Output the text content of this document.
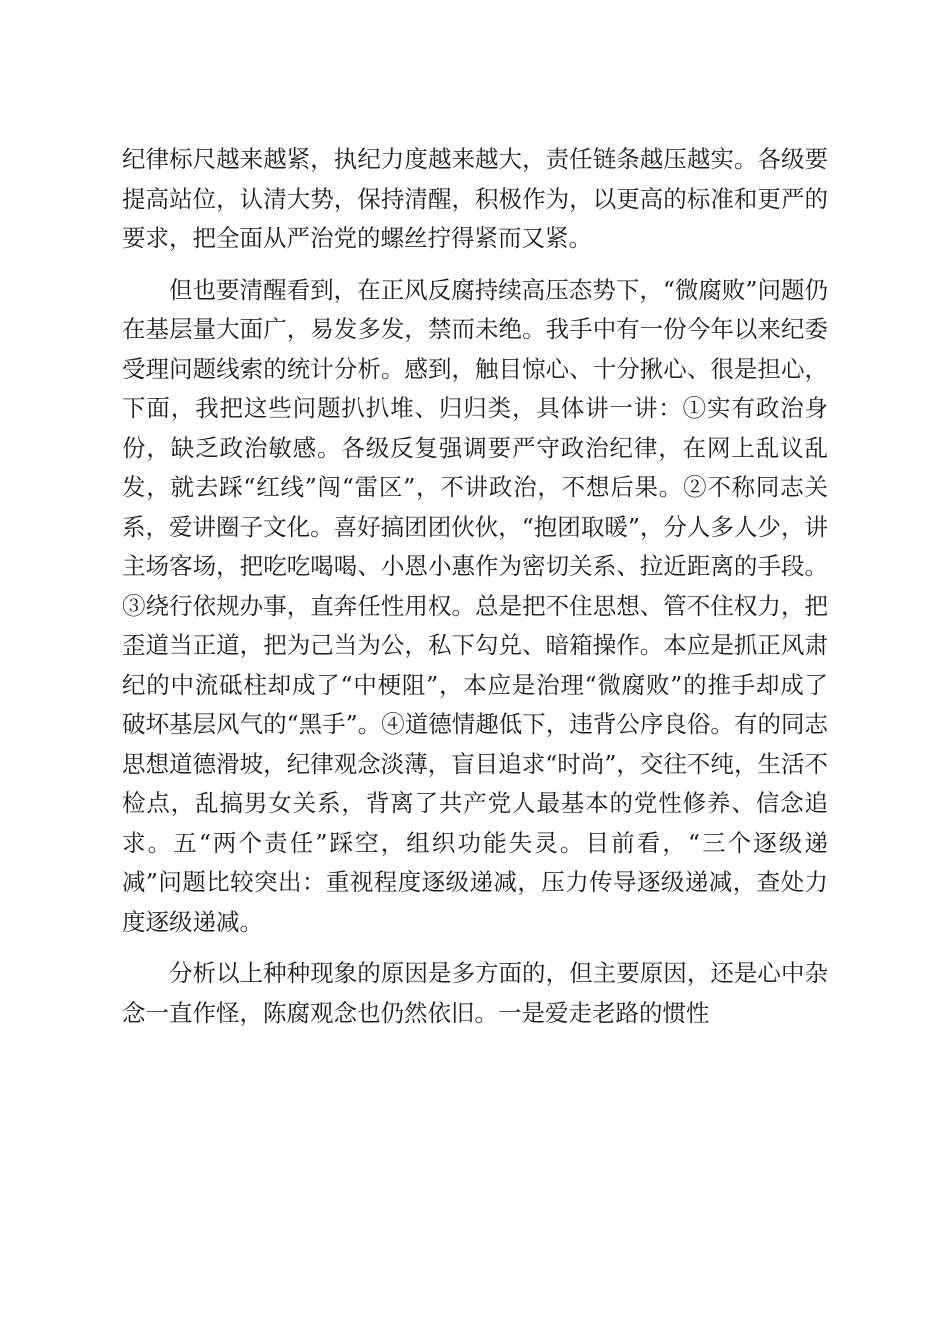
纪律标尺越来越紧，执纪力度越来越大，责任链条越压越实。各级要提高站位，认清大势，保持清醒，积极作为，以更高的标准和更严的要求，把全面从严治党的螺丝拧得紧而又紧。

但也要清醒看到，在正风反腐持续高压态势下，“微腐败”问题仍在基层量大面广，易发多发，禁而未绝。我手中有一份今年以来纪委受理问题线索的统计分析。感到，触目惊心、十分揪心、很是担心，下面，我把这些问题扒扒堆、归归类，具体讲一讲：①实有政治身份，缺乏政治敏感。各级反复强调要严守政治纪律，在网上乱议乱发，就去踩“红线”闯“雷区”，不讲政治，不想后果。②不称同志关系，爱讲圈子文化。喜好搞团团伙伙，“抱团取暖”，分人多人少，讲主场客场，把吃吃喝喝、小恩小惠作为密切关系、拉近距离的手段。③绕行依规办事，直奔任性用权。总是把不住思想、管不住权力，把歪道当正道，把为己当为公，私下勾兑、暗箱操作。本应是抓正风肃纪的中流砥柱却成了“中梗阻”，本应是治理“微腐败”的推手却成了破坏基层风气的“黑手”。④道德情趣低下，违背公序良俗。有的同志思想道德滑坡，纪律观念淡薄，盲目追求“时尚”，交往不纯，生活不检点，乱搞男女关系，背离了共产党人最基本的党性修养、信念追求。五“两个责任”踩空，组织功能失灵。目前看，“三个逐级递减”问题比较突出：重视程度逐级递减，压力传导逐级递减，查处力度逐级递减。

分析以上种种现象的原因是多方面的，但主要原因，还是心中杂念一直作怪，陈腐观念也仍然依旧。一是爱走老路的惯性
